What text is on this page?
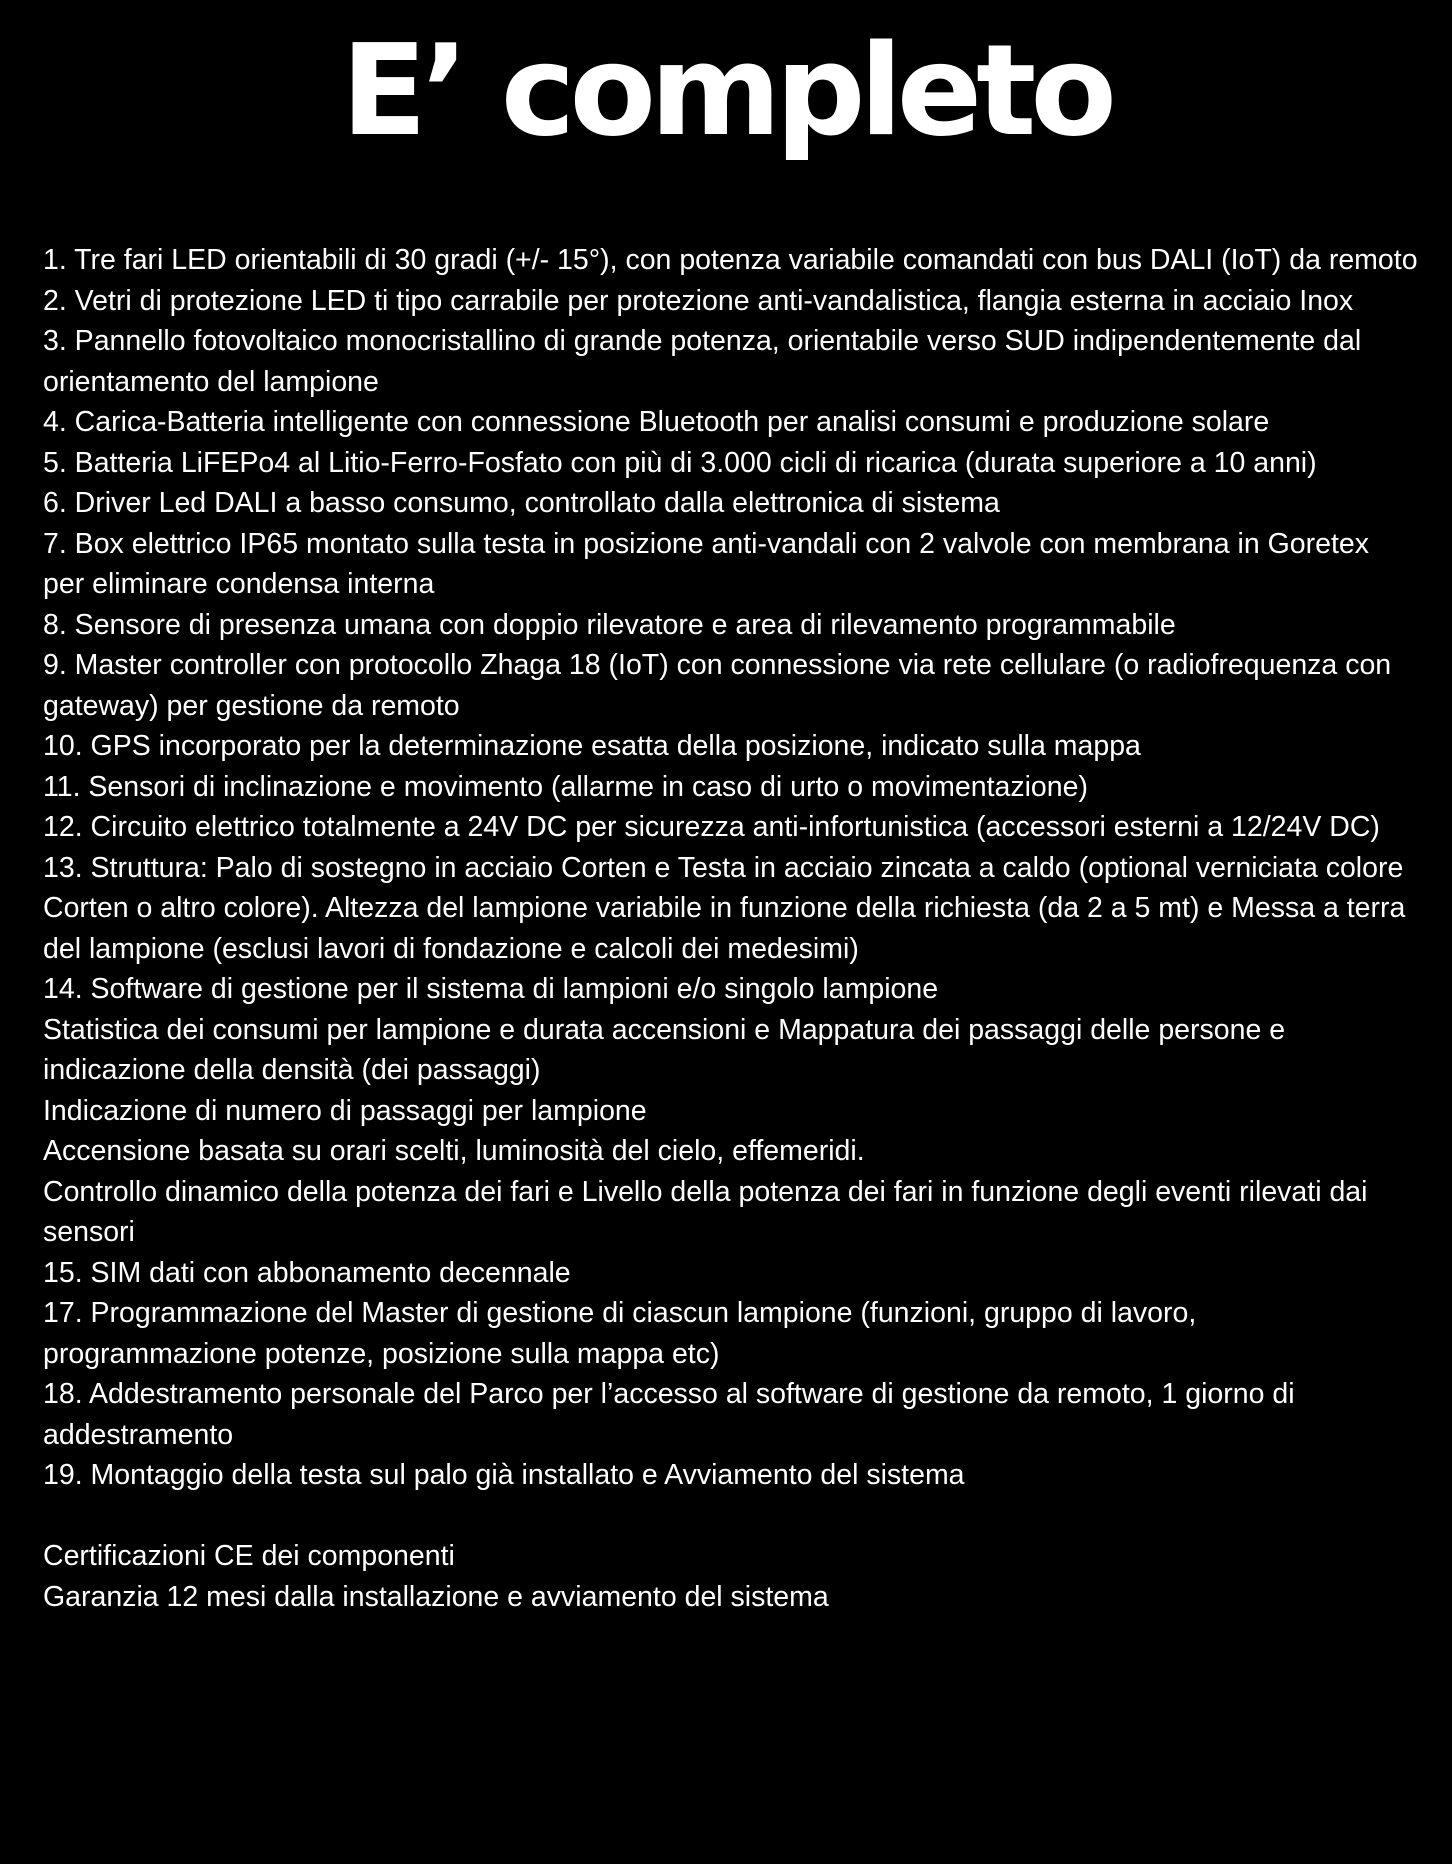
E’ completo

1. Tre fari LED orientabili di 30 gradi (+/- 15°), con potenza variabile comandati con bus DALI (IoT) da remoto

2. Vetri di protezione LED ti tipo carrabile per protezione anti-vandalistica, flangia esterna in acciaio Inox

3. Pannello fotovoltaico monocristallino di grande potenza, orientabile verso SUD indipendentemente dal orientamento del lampione

4. Carica-Batteria intelligente con connessione Bluetooth per analisi consumi e produzione solare

5. Batteria LiFEPo4 al Litio-Ferro-Fosfato con più di 3.000 cicli di ricarica (durata superiore a 10 anni)

6. Driver Led DALI a basso consumo, controllato dalla elettronica di sistema

7. Box elettrico IP65 montato sulla testa in posizione anti-vandali con 2 valvole con membrana in Goretex per eliminare condensa interna

8. Sensore di presenza umana con doppio rilevatore e area di rilevamento programmabile

9. Master controller con protocollo Zhaga 18 (IoT) con connessione via rete cellulare (o radiofrequenza con gateway) per gestione da remoto

10. GPS incorporato per la determinazione esatta della posizione, indicato sulla mappa

11. Sensori di inclinazione e movimento (allarme in caso di urto o movimentazione)

12. Circuito elettrico totalmente a 24V DC per sicurezza anti-infortunistica (accessori esterni a 12/24V DC)

13. Struttura: Palo di sostegno in acciaio Corten e Testa in acciaio zincata a caldo (optional verniciata colore Corten o altro colore). Altezza del lampione variabile in funzione della richiesta (da 2 a 5 mt) e Messa a terra del lampione (esclusi lavori di fondazione e calcoli dei medesimi)

14. Software di gestione per il sistema di lampioni e/o singolo lampione

Statistica dei consumi per lampione e durata accensioni e Mappatura dei passaggi delle persone e indicazione della densità (dei passaggi)

Indicazione di numero di passaggi per lampione

Accensione basata su orari scelti, luminosità del cielo, effemeridi.

Controllo dinamico della potenza dei fari e Livello della potenza dei fari in funzione degli eventi rilevati dai sensori

15. SIM dati con abbonamento decennale

17. Programmazione del Master di gestione di ciascun lampione (funzioni, gruppo di lavoro, programmazione potenze, posizione sulla mappa etc)

18. Addestramento personale del Parco per l’accesso al software di gestione da remoto, 1 giorno di addestramento

19. Montaggio della testa sul palo già installato e Avviamento del sistema

Certificazioni CE dei componenti

Garanzia 12 mesi dalla installazione e avviamento del sistema
